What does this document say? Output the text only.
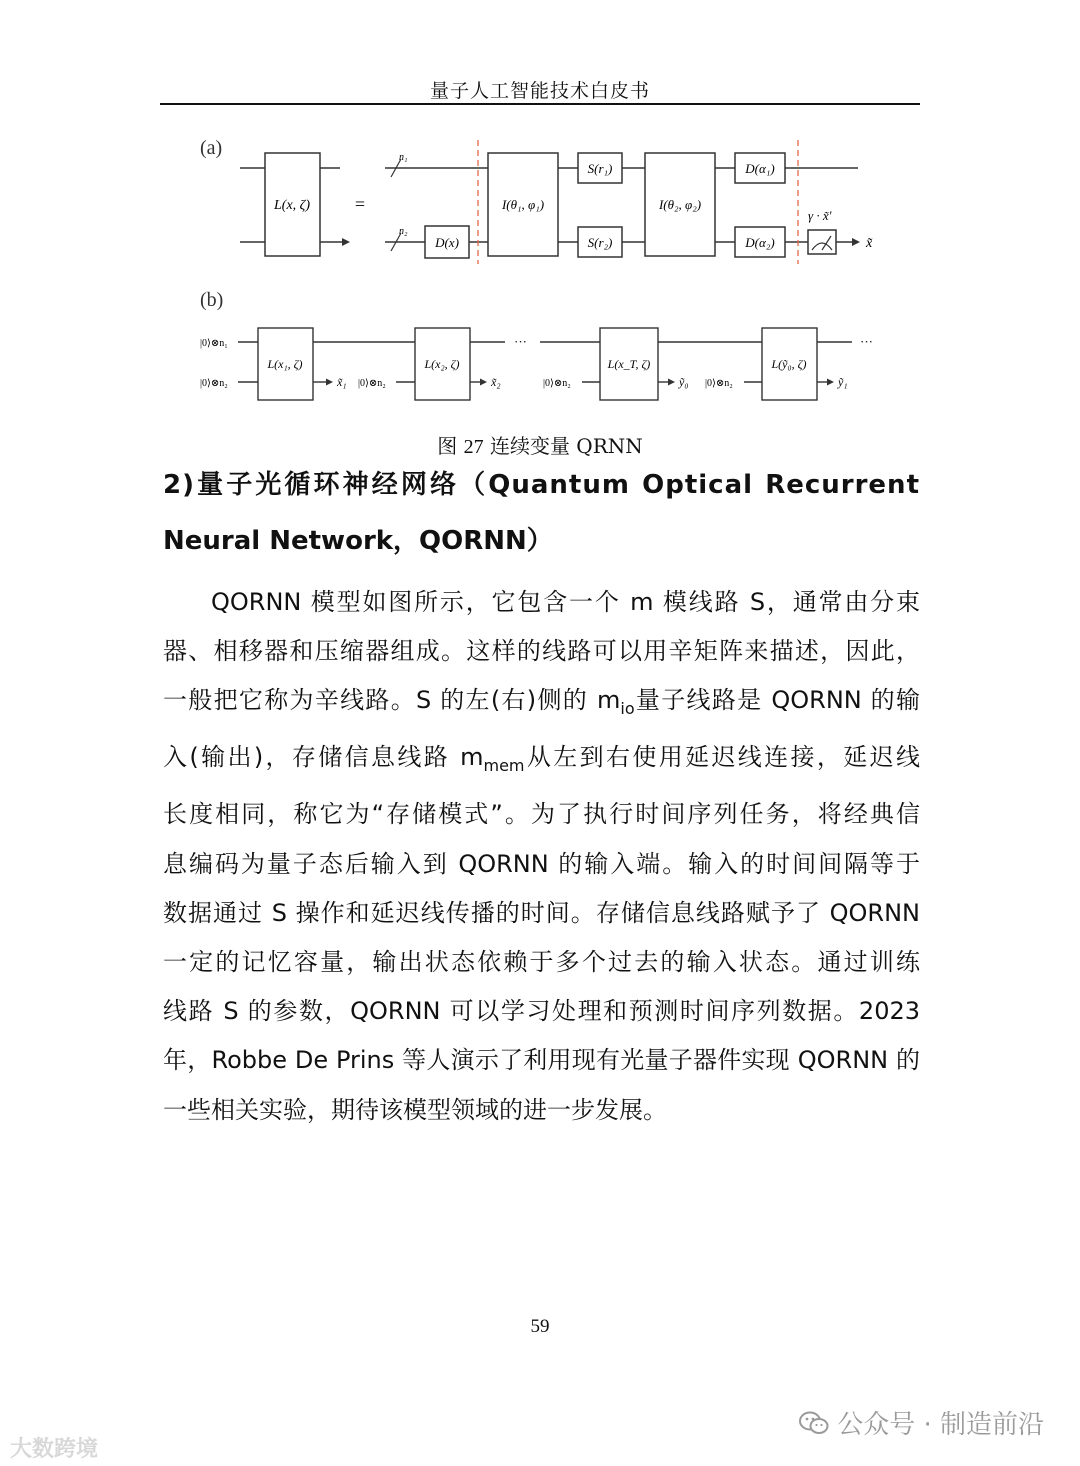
量子人工智能技术白皮书
(a)
L(x, ζ) =
n₁
n₂
D(x)
I(θ₁, φ₁)
S(r₁)
S(r₂)
I(θ₂, φ₂)
D(α₁)
D(α₂)
γ · x̃′
x̃
(b)
|0⟩⊗n₁
|0⟩⊗n₂
L(x₁, ζ)
x̃₁ |0⟩⊗n₂
L(x₂, ζ)
x̃₂
···
|0⟩⊗n₂
L(x_T, ζ)
ỹ₀ |0⟩⊗n₂
L(ỹ₀, ζ)
ỹ₁
···
图 27 连续变量 QRNN
2)量子光循环神经网络（Quantum Optical Recurrent
Neural Network，QORNN）
QORNN 模型如图所示，它包含一个 m 模线路 S，通常由分束
器、相移器和压缩器组成。这样的线路可以用辛矩阵来描述，因此，
一般把它称为辛线路。S 的左(右)侧的 $m_{io}$量子线路是 QORNN 的输
入(输出)，存储信息线路 $m_{mem}$从左到右使用延迟线连接，延迟线
长度相同，称它为“存储模式”。为了执行时间序列任务，将经典信
息编码为量子态后输入到 QORNN 的输入端。输入的时间间隔等于
数据通过 S 操作和延迟线传播的时间。存储信息线路赋予了 QORNN
一定的记忆容量，输出状态依赖于多个过去的输入状态。通过训练
线路 S 的参数，QORNN 可以学习处理和预测时间序列数据。2023
年，Robbe De Prins 等人演示了利用现有光量子器件实现 QORNN 的
一些相关实验，期待该模型领域的进一步发展。
59
大数跨境
公众号 · 制造前沿
